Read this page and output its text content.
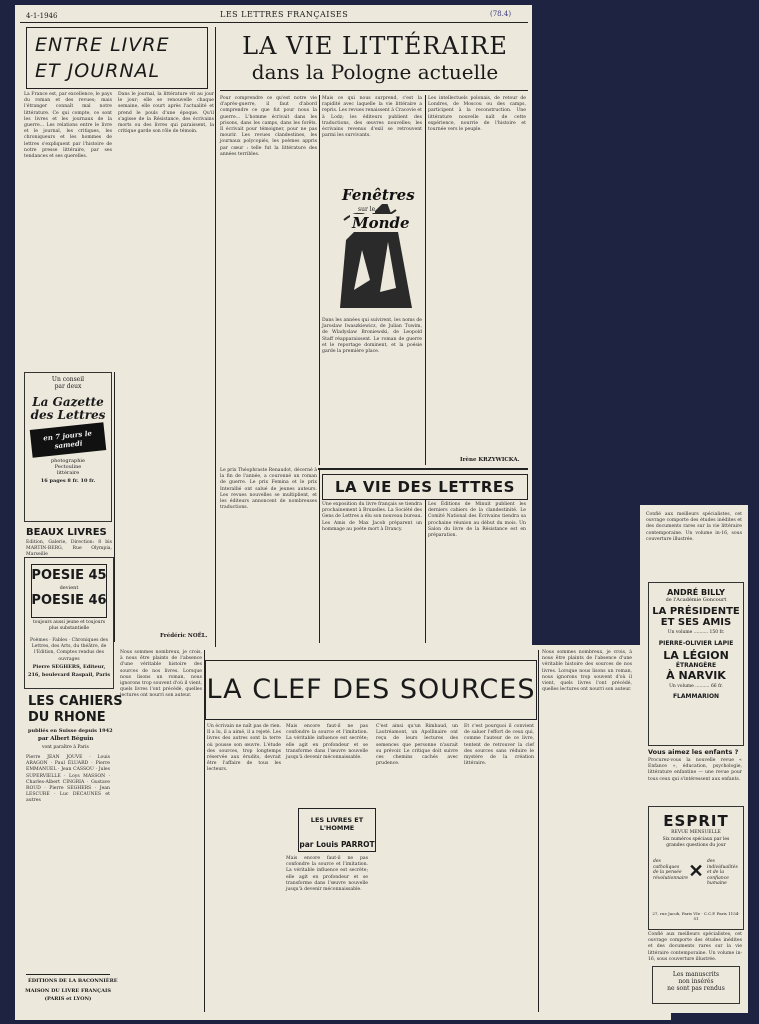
4-1-1946	LES LETTRES FRANÇAISES	(78.4)
ENTRE LIVRE
ET JOURNAL
La France est, par excellence, le pays du roman et des revues; mais l'étranger connaît mal notre littérature. Ce qui compte, ce sont les livres et les journaux de la guerre... Les relations entre le livre et le journal, les critiques, les chroniqueurs et les hommes de lettres s'expliquent par l'histoire de notre presse littéraire, par ses tendances et ses querelles.
Dans le journal, la littérature vit au jour le jour; elle se renouvelle chaque semaine, elle court après l'actualité et prend le pouls d'une époque. Qu'il s'agisse de la Résistance, des écrivains morts ou des livres qui paraissent, la critique garde son rôle de témoin.
Frédéric NOËL.
Un conseil
par deux
La Gazette des Lettres
en 7 jours le samedi
photographie
Pectouline
littéraire
16 pages 8 fr. 10 fr.
BEAUX LIVRES
Edition, Galerie, Direction: 8 bis MARTIN-BERG, Rue Olympia, Marseille
POESIE 45
devient
POESIE 46
toujours aussi jeune et toujours plus substantielle
Poèmes · Fables · Chroniques des Lettres, des Arts, du théâtre, de l'Edition, Comptes rendus des ouvrages
Pierre SEGHERS, Editeur,
216, boulevard Raspail, Paris
LES CAHIERS
DU RHONE
publiés en Suisse depuis 1942
par Albert Béguin
vont paraître à Paris
Pierre JEAN JOUVE · Louis ARAGON · Paul ÉLUARD · Pierre EMMANUEL · Jean CASSOU · Jules SUPERVIELLE · Loys MASSON · Charles-Albert CINGRIA · Gustave ROUD · Pierre SEGHERS · Jean LESCURE · Luc DECAUNES et autres
ÉDITIONS DE LA BACONNIÈRE
MAISON DU LIVRE FRANÇAIS
(PARIS et LYON)
LA VIE LITTÉRAIRE
dans la Pologne actuelle
Pour comprendre ce qu'est notre vie d'après-guerre, il faut d'abord comprendre ce que fut pour nous la guerre... L'homme écrivait dans les prisons, dans les camps, dans les forêts. Il écrivait pour témoigner, pour ne pas mourir. Les revues clandestines, les journaux polycopiés, les poèmes appris par cœur : telle fut la littérature des années terribles.
Mais ce qui nous surprend, c'est la rapidité avec laquelle la vie littéraire a repris. Les revues renaissent à Cracovie et à Lodz; les éditeurs publient des traductions, des œuvres nouvelles; les écrivains revenus d'exil se retrouvent parmi les survivants.
Dans les années qui suivirent, les noms de Jaroslaw Iwaszkiewicz, de Julian Tuwim, de Wladyslaw Broniewski, de Leopold Staff réapparaissent. Le roman de guerre et le reportage dominent, et la poésie garde la première place.
Les intellectuels polonais, de retour de Londres, de Moscou ou des camps, participent à la reconstruction. Une littérature nouvelle naît de cette expérience, nourrie de l'histoire et tournée vers le peuple.
Irène KRZYWICKA.
Fenêtres
sur le
Monde
LA VIE DES LETTRES
Le prix Théophraste Renaudot, décerné à la fin de l'année, a couronné un roman de guerre. Le prix Femina et le prix Interallié ont salué de jeunes auteurs. Les revues nouvelles se multiplient, et les éditeurs annoncent de nombreuses traductions.
Une exposition du livre français se tiendra prochainement à Bruxelles. La Société des Gens de Lettres a élu son nouveau bureau. Les Amis de Max Jacob préparent un hommage au poète mort à Drancy.
Les Éditions de Minuit publient les derniers cahiers de la clandestinité. Le Comité National des Écrivains tiendra sa prochaine réunion au début du mois. Un Salon du livre de la Résistance est en préparation.
Nous sommes nombreux, je crois, à nous être plaints de l'absence d'une véritable histoire des sources de nos livres. Lorsque nous lisons un roman, nous ignorons trop souvent d'où il vient, quels livres l'ont précédé, quelles lectures ont nourri son auteur. LA CLEF DES SOURCES
Un écrivain ne naît pas de rien. Il a lu, il a aimé, il a rejeté. Les livres des autres sont la terre où pousse son œuvre. L'étude des sources, trop longtemps réservée aux érudits, devrait être l'affaire de tous les lecteurs.
Mais encore faut-il ne pas confondre la source et l'imitation. La véritable influence est secrète; elle agit en profondeur et se transforme dans l'œuvre nouvelle jusqu'à devenir méconnaissable.
LES LIVRES ET L'HOMME
par Louis PARROT
Mais encore faut-il ne pas confondre la source et l'imitation. La véritable influence est secrète; elle agit en profondeur et se transforme dans l'œuvre nouvelle jusqu'à devenir méconnaissable.
C'est ainsi qu'un Rimbaud, un Lautréamont, un Apollinaire ont reçu de leurs lectures des semences que personne n'aurait su prévoir. Le critique doit suivre ces chemins cachés avec prudence.
Et c'est pourquoi il convient de saluer l'effort de ceux qui, comme l'auteur de ce livre, tentent de retrouver la clef des sources sans réduire le mystère de la création littéraire.
Nous sommes nombreux, je crois, à nous être plaints de l'absence d'une véritable histoire des sources de nos livres. Lorsque nous lisons un roman, nous ignorons trop souvent d'où il vient, quels livres l'ont précédé, quelles lectures ont nourri son auteur.
Confié aux meilleurs spécialistes, cet ouvrage comporte des études inédites et des documents rares sur la vie littéraire contemporaine. Un volume in-16, sous couverture illustrée.
ANDRÉ BILLY
de l'Académie Goncourt
LA PRÉSIDENTE
ET SES AMIS
Un volume .......... 150 fr.
PIERRE-OLIVIER LAPIE
LA LÉGION
ÉTRANGÈRE
À NARVIK
Un volume .......... 66 fr.
FLAMMARION
Vous aimez les enfants ?
Procurez-vous la nouvelle revue « Enfance », éducation, psychologie, littérature enfantine — une revue pour tous ceux qui s'intéressent aux enfants.
ESPRIT
REVUE MENSUELLE
Six numéros spéciaux par les grandes questions du jour
des catholiques de la pensée révolutionnaire ✕ des individualités et de la confiance humaine
27, rue Jacob, Paris VIe · C.C.P. Paris 1154-51
Confié aux meilleurs spécialistes, cet ouvrage comporte des études inédites et des documents rares sur la vie littéraire contemporaine. Un volume in-16, sous couverture illustrée.
Les manuscrits
non insérés
ne sont pas rendus
